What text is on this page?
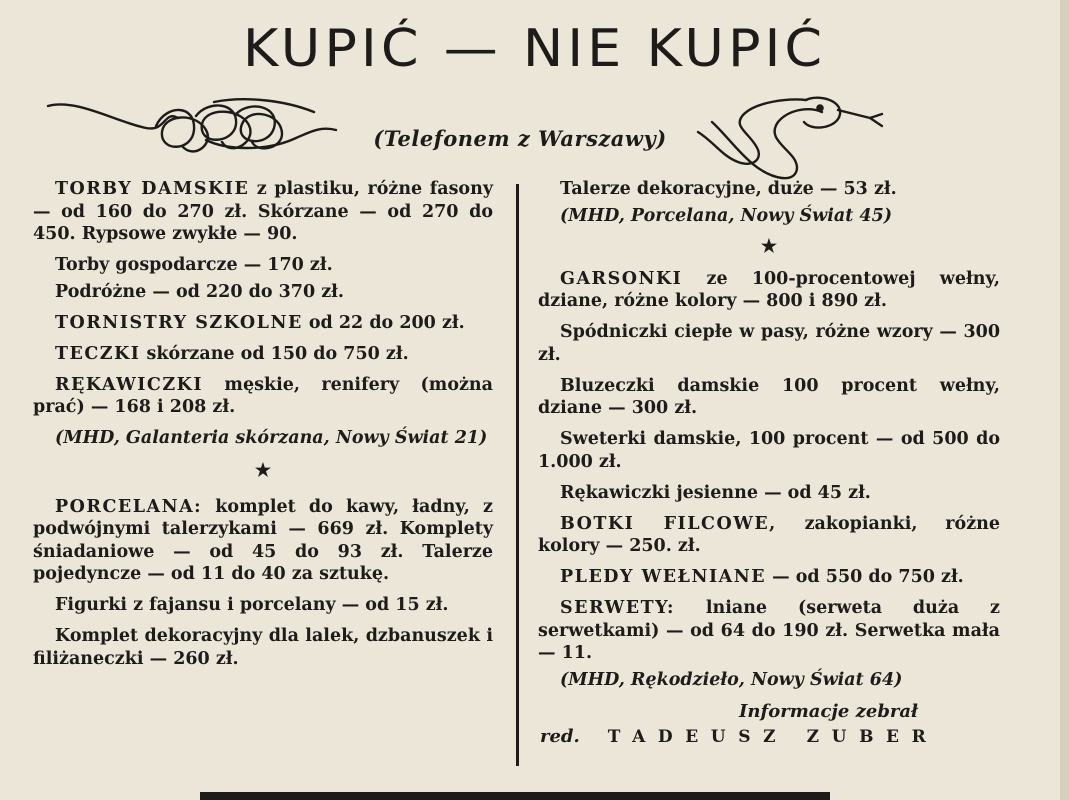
KUPIĆ — NIE KUPIĆ
(Telefonem z Warszawy)

TORBY DAMSKIE z plastiku, różne fasony — od 160 do 270 zł. Skórzane — od 270 do 450. Rypsowe zwykłe — 90.

Torby gospodarcze — 170 zł.

Podróżne — od 220 do 370 zł.

TORNISTRY SZKOLNE od 22 do 200 zł.

TECZKI skórzane od 150 do 750 zł.

RĘKAWICZKI męskie, renifery (można prać) — 168 i 208 zł.

(MHD, Galanteria skórzana, Nowy Świat 21)

★

PORCELANA: komplet do kawy, ładny, z podwójnymi talerzykami — 669 zł. Komplety śniadaniowe — od 45 do 93 zł. Talerze pojedyncze — od 11 do 40 za sztukę.

Figurki z fajansu i porcelany — od 15 zł.

Komplet dekoracyjny dla lalek, dzbanuszek i filiżaneczki — 260 zł.

Talerze dekoracyjne, duże — 53 zł.

(MHD, Porcelana, Nowy Świat 45)

★

GARSONKI ze 100-procentowej wełny, dziane, różne kolory — 800 i 890 zł.

Spódniczki ciepłe w pasy, różne wzory — 300 zł.

Bluzeczki damskie 100 procent wełny, dziane — 300 zł.

Sweterki damskie, 100 procent — od 500 do 1.000 zł.

Rękawiczki jesienne — od 45 zł.

BOTKI FILCOWE, zakopianki, różne kolory — 250. zł.

PLEDY WEŁNIANE — od 550 do 750 zł.

SERWETY: lniane (serweta duża z serwetkami) — od 64 do 190 zł. Serwetka mała — 11.

(MHD, Rękodzieło, Nowy Świat 64)

Informacje zebrał
red. TADEUSZ ZUBER
